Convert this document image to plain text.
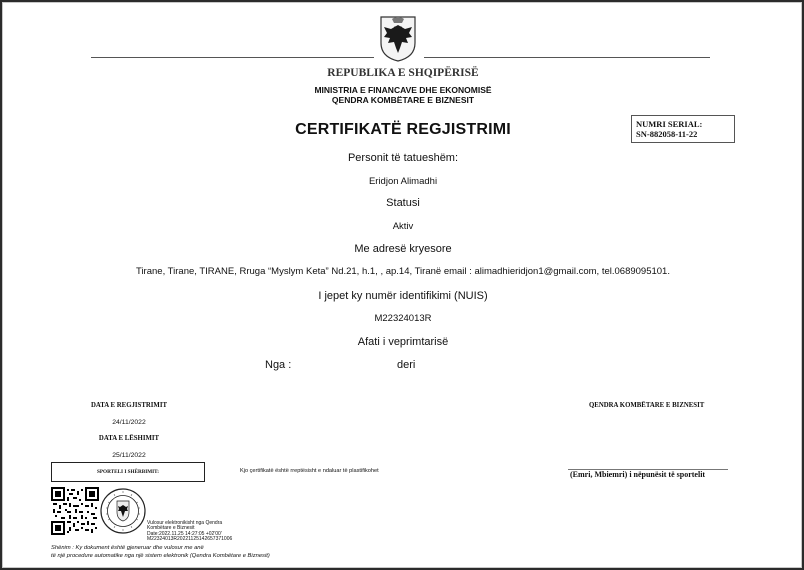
REPUBLIKA E SHQIPËRISË
MINISTRIA E FINANCAVE DHE EKONOMISË
QENDRA KOMBËTARE E BIZNESIT
CERTIFIKATË REGJISTRIMI	NUMRI SERIAL:
SN-882058-11-22
Personit të tatueshëm:
Eridjon Alimadhi
Statusi
Aktiv
Me adresë kryesore
Tirane, Tirane, TIRANE, Rruga “Myslym Keta” Nd.21, h.1, , ap.14, Tiranë email : alimadhieridjon1@gmail.com, tel.0689095101.
I jepet ky numër identifikimi (NUIS)
M22324013R
Afati i veprimtarisë
Nga :	deri
DATA E REGJISTRIMIT
24/11/2022
DATA E LËSHIMIT
25/11/2022
SPORTELI I SHËRBIMIT:	Kjo çertifikatë është rreptësisht e ndaluar të plastifikohet
QENDRA KOMBËTARE E BIZNESIT
(Emri, Mbiemri) i nëpunësit të sportelit
Vulosur elektronikisht nga Qendra
Kombëtare e Biznesit
Date:2022.11.25 14:27:05 +02'00'
M22324013R20221125142657371006
Shënim : Ky dokument është gjeneruar dhe vulosur me anë
të një procedure automatike nga një sistem elektronik (Qendra Kombëtare e Biznesit)
